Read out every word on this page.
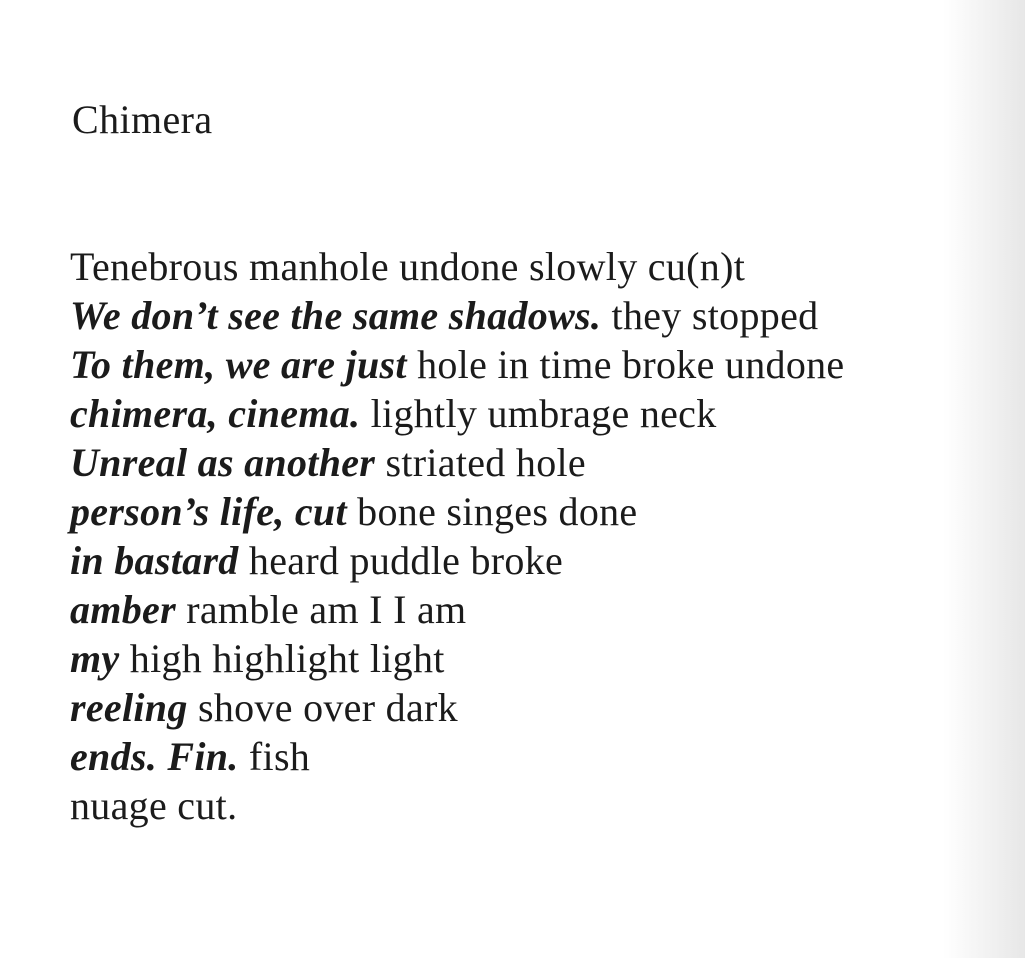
Chimera
Tenebrous manhole undone slowly cu(n)t
We don’t see the same shadows. they stopped
To them, we are just hole in time broke undone
chimera, cinema. lightly umbrage neck
Unreal as another striated hole
person’s life, cut bone singes done
in bastard heard puddle broke
amber ramble am I I am
my high highlight light
reeling shove over dark
ends. Fin. fish
nuage cut.
